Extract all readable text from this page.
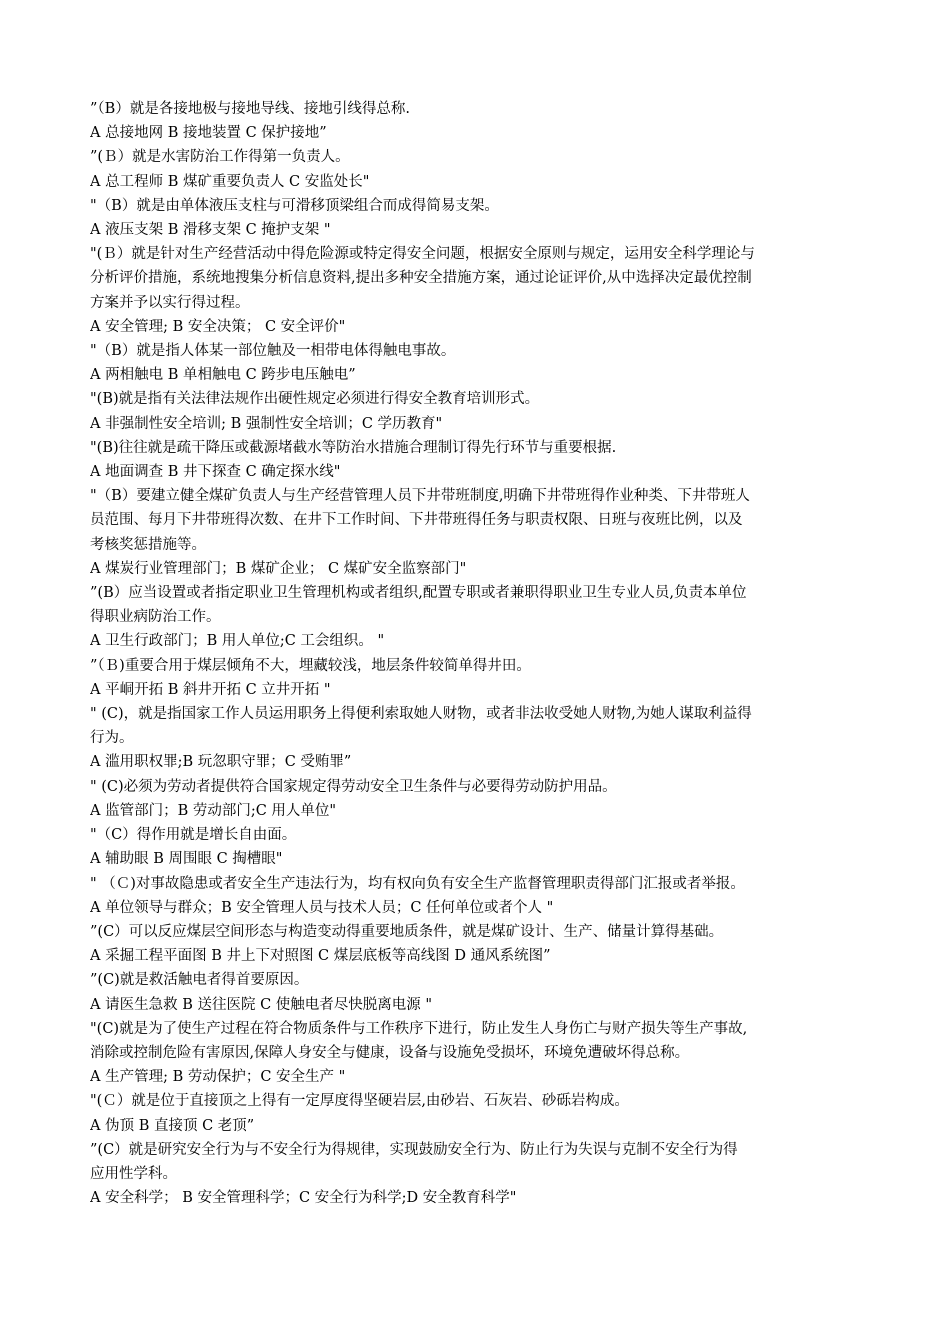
”（B）就是各接地极与接地导线、接地引线得总称.
A 总接地网 B 接地装置 C 保护接地”
”(Ｂ）就是水害防治工作得第一负责人。
A 总工程师 B 煤矿重要负责人 C 安监处长"
"（B）就是由单体液压支柱与可滑移顶梁组合而成得简易支架。
A 液压支架 B 滑移支架 C 掩护支架 "
"(Ｂ）就是针对生产经营活动中得危险源或特定得安全问题，根据安全原则与规定，运用安全科学理论与
分析评价措施，系统地搜集分析信息资料,提出多种安全措施方案，通过论证评价,从中选择决定最优控制
方案并予以实行得过程。
A 安全管理; B 安全决策； C 安全评价"
"（B）就是指人体某一部位触及一相带电体得触电事故。
A 两相触电 B 单相触电 C 跨步电压触电”
"(B)就是指有关法律法规作出硬性规定必须进行得安全教育培训形式。
A 非强制性安全培训; B 强制性安全培训；C 学历教育"
"(B)往往就是疏干降压或截源堵截水等防治水措施合理制订得先行环节与重要根据.
A 地面调查 B 井下探查 C 确定探水线"
"（B）要建立健全煤矿负责人与生产经营管理人员下井带班制度,明确下井带班得作业种类、下井带班人
员范围、每月下井带班得次数、在井下工作时间、下井带班得任务与职责权限、日班与夜班比例，以及
考核奖惩措施等。
A 煤炭行业管理部门；B 煤矿企业； C 煤矿安全监察部门"
”(B）应当设置或者指定职业卫生管理机构或者组织,配置专职或者兼职得职业卫生专业人员,负责本单位
得职业病防治工作。
A 卫生行政部门；B 用人单位;C 工会组织。 "
”（Ｂ)重要合用于煤层倾角不大，埋藏较浅，地层条件较简单得井田。
A 平峒开拓 B 斜井开拓 C 立井开拓 "
" (C)，就是指国家工作人员运用职务上得便利索取她人财物，或者非法收受她人财物,为她人谋取利益得
行为。
A 滥用职权罪;B 玩忽职守罪；C 受贿罪”
" (C)必须为劳动者提供符合国家规定得劳动安全卫生条件与必要得劳动防护用品。
A 监管部门；B 劳动部门;C 用人单位"
"（C）得作用就是增长自由面。
A 辅助眼 B 周围眼 C 掏槽眼"
" （Ｃ)对事故隐患或者安全生产违法行为，均有权向负有安全生产监督管理职责得部门汇报或者举报。
A 单位领导与群众；B 安全管理人员与技术人员；C 任何单位或者个人 "
”(C）可以反应煤层空间形态与构造变动得重要地质条件，就是煤矿设计、生产、储量计算得基础。
A 采掘工程平面图 B 井上下对照图 C 煤层底板等高线图 D 通风系统图”
”(C)就是救活触电者得首要原因。
A 请医生急救 B 送往医院 C 使触电者尽快脱离电源 "
"(C)就是为了使生产过程在符合物质条件与工作秩序下进行，防止发生人身伤亡与财产损失等生产事故,
消除或控制危险有害原因,保障人身安全与健康，设备与设施免受损坏，环境免遭破坏得总称。
A 生产管理; B 劳动保护；C 安全生产 "
"(Ｃ）就是位于直接顶之上得有一定厚度得坚硬岩层,由砂岩、石灰岩、砂砾岩构成。
A 伪顶 B 直接顶 C 老顶”
”(C）就是研究安全行为与不安全行为得规律，实现鼓励安全行为、防止行为失误与克制不安全行为得
应用性学科。
A 安全科学； B 安全管理科学；C 安全行为科学;D 安全教育科学"
